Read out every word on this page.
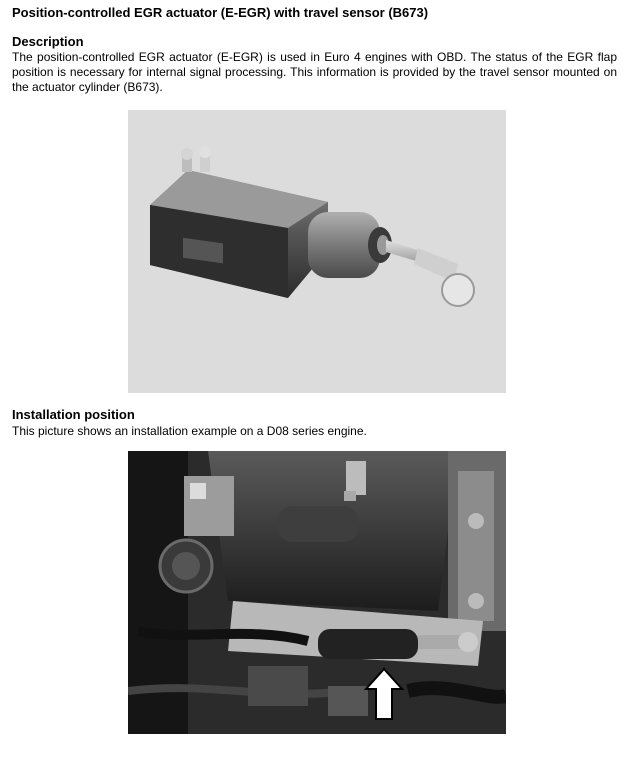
Position-controlled EGR actuator (E-EGR) with travel sensor (B673)
Description

The position-controlled EGR actuator (E-EGR) is used in Euro 4 engines with OBD. The status of the EGR flap position is necessary for internal signal processing. This information is provided by the travel sensor mounted on the actuator cylinder (B673).

Installation position

This picture shows an installation example on a D08 series engine.
